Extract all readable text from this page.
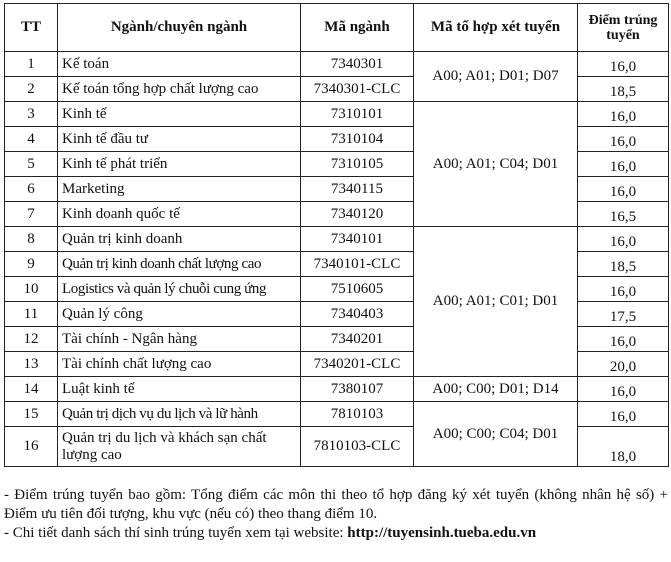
TT	Ngành/chuyên ngành	Mã ngành	Mã tổ hợp xét tuyển	Điểm trúng tuyển
1	Kế toán	7340301	A00; A01; D01; D07	16,0
2	Kế toán tổng hợp chất lượng cao	7340301-CLC		18,5
3	Kinh tế	7310101	A00; A01; C04; D01	16,0
4	Kinh tế đầu tư	7310104		16,0
5	Kinh tế phát triển	7310105		16,0
6	Marketing	7340115		16,0
7	Kinh doanh quốc tế	7340120		16,5
8	Quản trị kinh doanh	7340101	A00; A01; C01; D01	16,0
9	Quản trị kinh doanh chất lượng cao	7340101-CLC		18,5
10	Logistics và quản lý chuỗi cung ứng	7510605		16,0
11	Quản lý công	7340403		17,5
12	Tài chính - Ngân hàng	7340201		16,0
13	Tài chính chất lượng cao	7340201-CLC		20,0
14	Luật kinh tế	7380107	A00; C00; D01; D14	16,0
15	Quản trị dịch vụ du lịch và lữ hành	7810103	A00; C00; C04; D01	16,0
16	Quản trị du lịch và khách sạn chất lượng cao	7810103-CLC		18,0

- Điểm trúng tuyển bao gồm: Tổng điểm các môn thi theo tổ hợp đăng ký xét tuyển (không nhân hệ số) + Điểm ưu tiên đối tượng, khu vực (nếu có) theo thang điểm 10.

- Chi tiết danh sách thí sinh trúng tuyển xem tại website: http://tuyensinh.tueba.edu.vn
